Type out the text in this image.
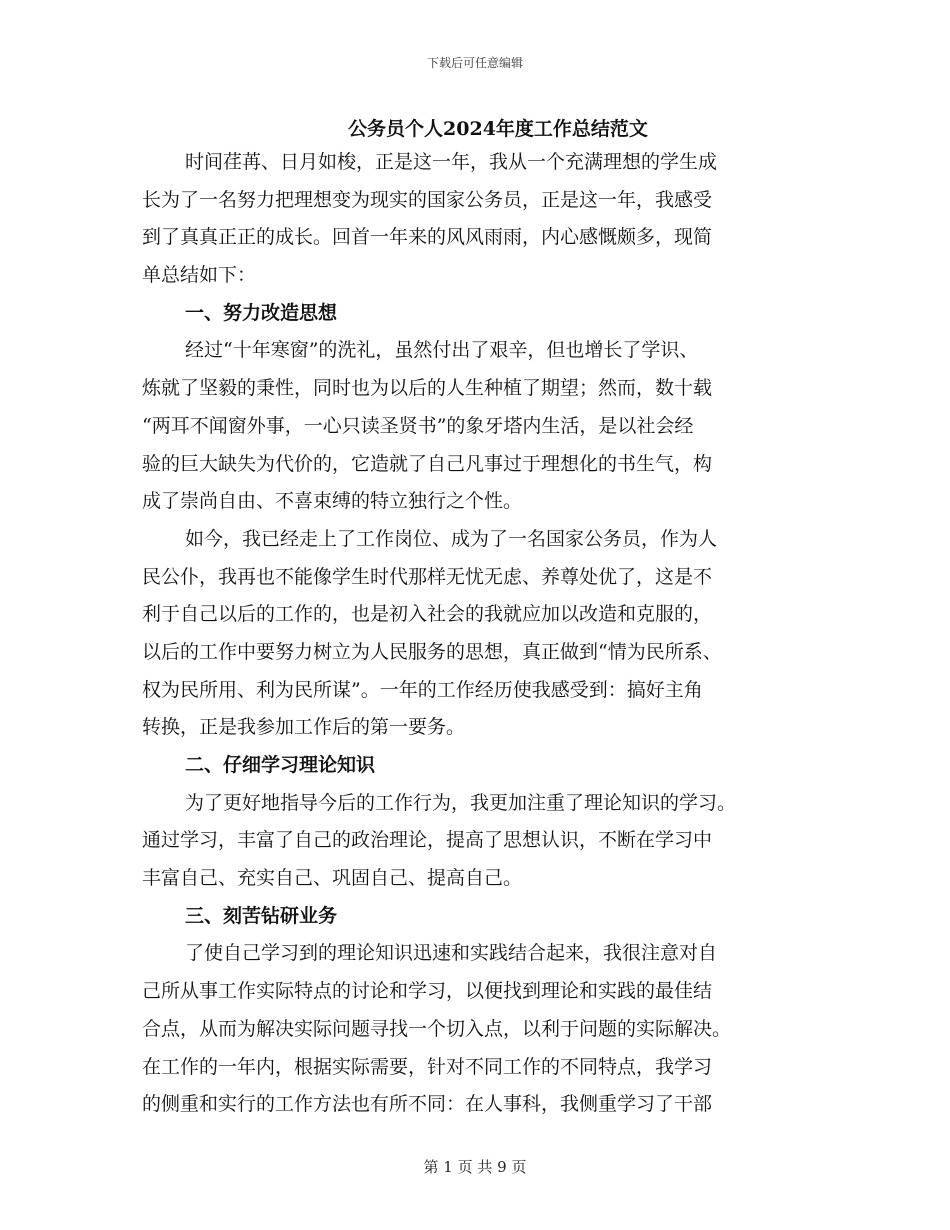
下载后可任意编辑
公务员个人2024年度工作总结范文
时间荏苒、日月如梭，正是这一年，我从一个充满理想的学生成
长为了一名努力把理想变为现实的国家公务员，正是这一年，我感受
到了真真正正的成长。回首一年来的风风雨雨，内心感慨颇多，现简
单总结如下：
一、努力改造思想
经过“十年寒窗”的洗礼，虽然付出了艰辛，但也增长了学识、
炼就了坚毅的秉性，同时也为以后的人生种植了期望；然而，数十载
“两耳不闻窗外事，一心只读圣贤书”的象牙塔内生活，是以社会经
验的巨大缺失为代价的，它造就了自己凡事过于理想化的书生气，构
成了崇尚自由、不喜束缚的特立独行之个性。
如今，我已经走上了工作岗位、成为了一名国家公务员，作为人
民公仆，我再也不能像学生时代那样无忧无虑、养尊处优了，这是不
利于自己以后的工作的，也是初入社会的我就应加以改造和克服的，
以后的工作中要努力树立为人民服务的思想，真正做到“情为民所系、
权为民所用、利为民所谋”。一年的工作经历使我感受到：搞好主角
转换，正是我参加工作后的第一要务。
二、仔细学习理论知识
为了更好地指导今后的工作行为，我更加注重了理论知识的学习。
通过学习，丰富了自己的政治理论，提高了思想认识，不断在学习中
丰富自己、充实自己、巩固自己、提高自己。
三、刻苦钻研业务
了使自己学习到的理论知识迅速和实践结合起来，我很注意对自
己所从事工作实际特点的讨论和学习，以便找到理论和实践的最佳结
合点，从而为解决实际问题寻找一个切入点，以利于问题的实际解决。
在工作的一年内，根据实际需要，针对不同工作的不同特点，我学习
的侧重和实行的工作方法也有所不同：在人事科，我侧重学习了干部
第 1 页 共 9 页
